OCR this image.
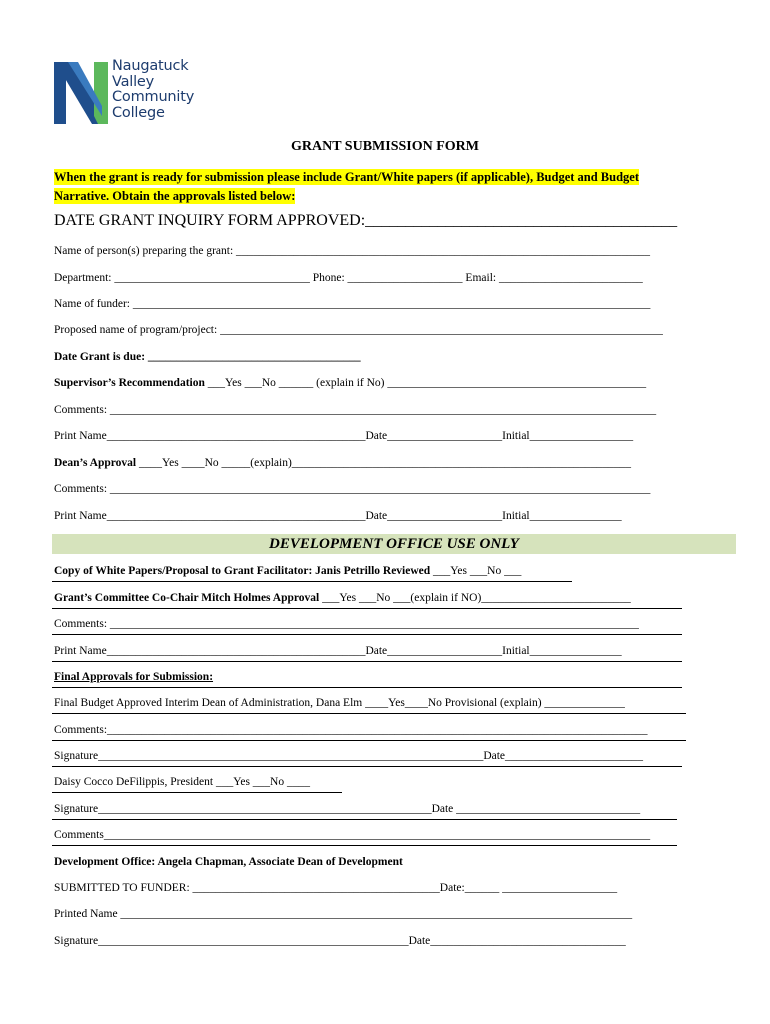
Naugatuck
Valley
Community
College
GRANT SUBMISSION FORM
When the grant is ready for submission please include Grant/White papers (if applicable), Budget and Budget
Narrative. Obtain the approvals listed below:
DATE GRANT INQUIRY FORM APPROVED:_______________________________________
Name of person(s) preparing the grant: ________________________________________________________________________
Department: __________________________________ Phone: ____________________ Email: _________________________
Name of funder: __________________________________________________________________________________________
Proposed name of program/project: _____________________________________________________________________________
Date Grant is due: _____________________________________
Supervisor’s Recommendation ___Yes ___No ______ (explain if No) _____________________________________________
Comments: _______________________________________________________________________________________________
Print Name_____________________________________________Date____________________Initial__________________
Dean’s Approval ____Yes ____No _____(explain)___________________________________________________________
Comments: ______________________________________________________________________________________________
Print Name_____________________________________________Date____________________Initial________________
DEVELOPMENT OFFICE USE ONLY
Copy of White Papers/Proposal to Grant Facilitator: Janis Petrillo Reviewed ___Yes ___No ___
Grant’s Committee Co-Chair Mitch Holmes Approval ___Yes ___No ___(explain if NO)__________________________
Comments: ____________________________________________________________________________________________
Print Name_____________________________________________Date____________________Initial________________
Final Approvals for Submission:
Final Budget Approved Interim Dean of Administration, Dana Elm ____Yes____No Provisional (explain) ______________
Comments:______________________________________________________________________________________________
Signature___________________________________________________________________Date________________________
Daisy Cocco DeFilippis, President ___Yes ___No ____
Signature__________________________________________________________Date ________________________________
Comments_______________________________________________________________________________________________
Development Office: Angela Chapman, Associate Dean of Development
SUBMITTED TO FUNDER: ___________________________________________Date:______ ____________________
Printed Name _________________________________________________________________________________________
Signature______________________________________________________Date__________________________________
